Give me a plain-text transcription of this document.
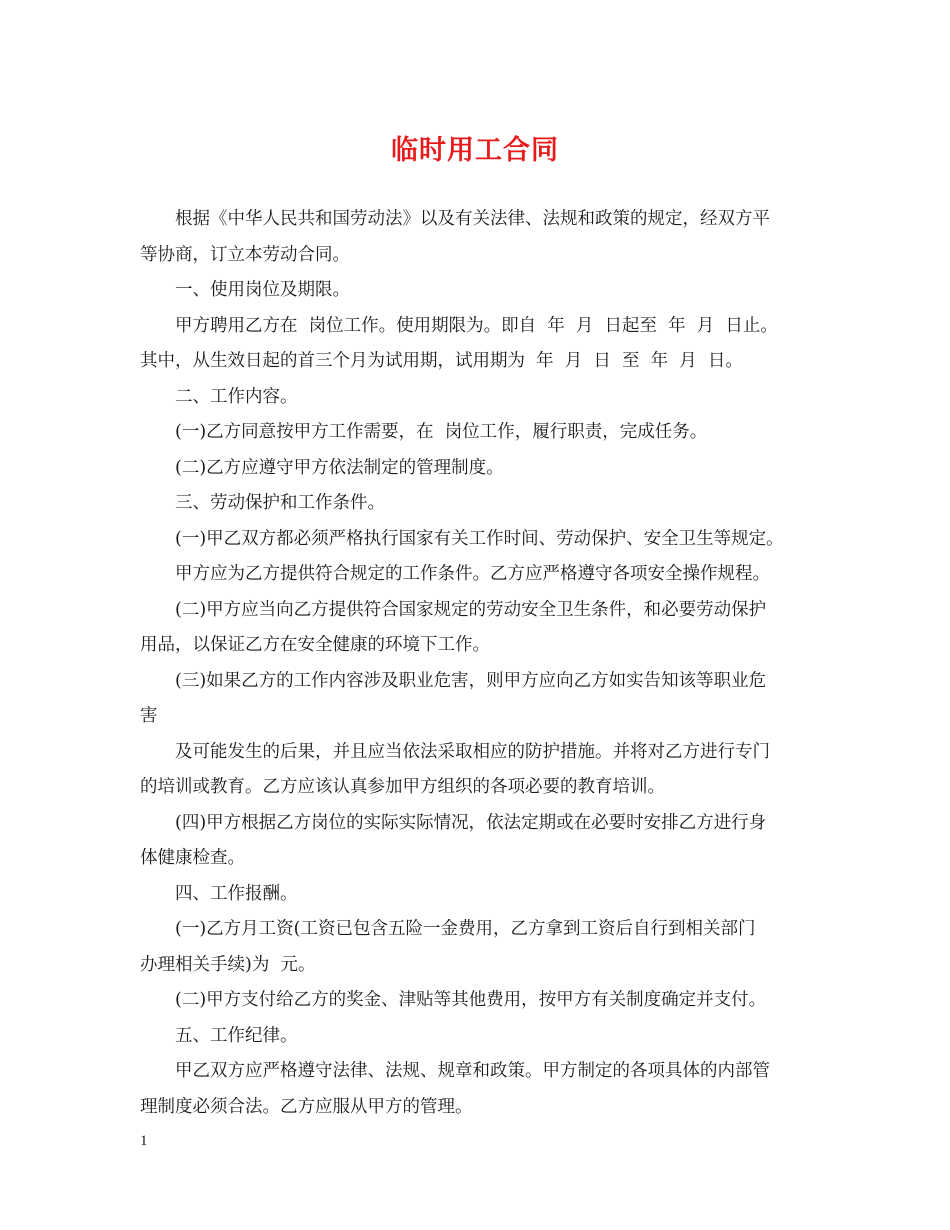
临时用工合同

根据《中华人民共和国劳动法》以及有关法律、法规和政策的规定，经双方平

等协商，订立本劳动合同。

一、使用岗位及期限。

甲方聘用乙方在  岗位工作。使用期限为。即自  年  月  日起至  年  月  日止。

其中，从生效日起的首三个月为试用期，试用期为  年  月  日  至  年  月  日。

二、工作内容。

(一)乙方同意按甲方工作需要，在  岗位工作，履行职责，完成任务。

(二)乙方应遵守甲方依法制定的管理制度。

三、劳动保护和工作条件。

(一)甲乙双方都必须严格执行国家有关工作时间、劳动保护、安全卫生等规定。

甲方应为乙方提供符合规定的工作条件。乙方应严格遵守各项安全操作规程。

(二)甲方应当向乙方提供符合国家规定的劳动安全卫生条件，和必要劳动保护

用品，以保证乙方在安全健康的环境下工作。

(三)如果乙方的工作内容涉及职业危害，则甲方应向乙方如实告知该等职业危

害

及可能发生的后果，并且应当依法采取相应的防护措施。并将对乙方进行专门

的培训或教育。乙方应该认真参加甲方组织的各项必要的教育培训。

(四)甲方根据乙方岗位的实际实际情况，依法定期或在必要时安排乙方进行身

体健康检查。

四、工作报酬。

(一)乙方月工资(工资已包含五险一金费用，乙方拿到工资后自行到相关部门

办理相关手续)为  元。

(二)甲方支付给乙方的奖金、津贴等其他费用，按甲方有关制度确定并支付。

五、工作纪律。

甲乙双方应严格遵守法律、法规、规章和政策。甲方制定的各项具体的内部管

理制度必须合法。乙方应服从甲方的管理。

1
